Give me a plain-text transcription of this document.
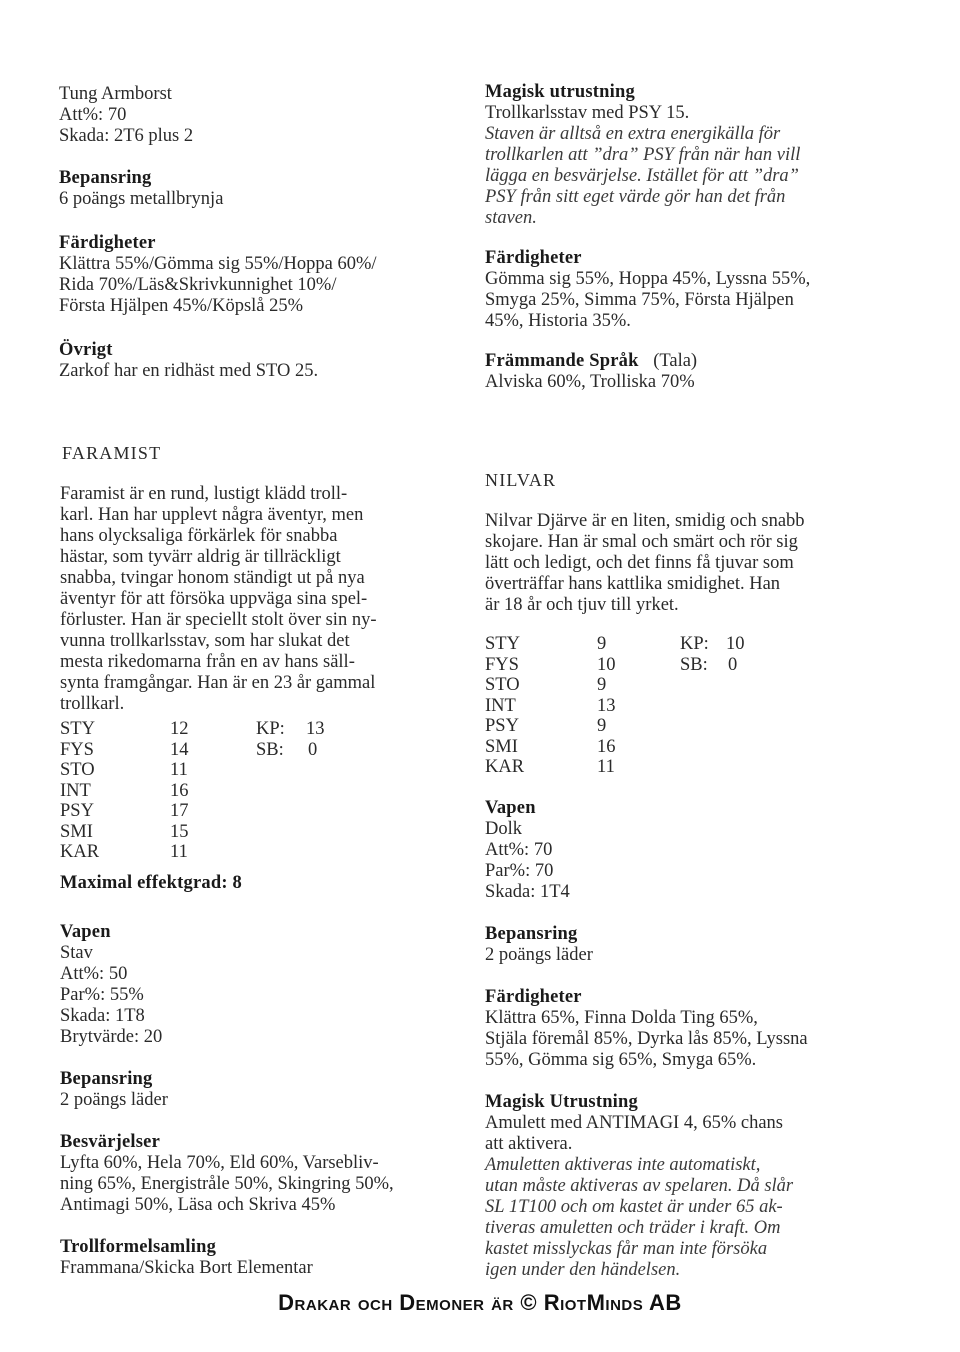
Tung Armborst
Att%: 70
Skada: 2T6 plus 2
Bepansring
6 poängs metallbrynja
Färdigheter
Klättra 55%/Gömma sig 55%/Hoppa 60%/
Rida 70%/Läs&Skrivkunnighet 10%/
Första Hjälpen 45%/Köpslå 25%
Övrigt
Zarkof har en ridhäst med STO 25.
Magisk utrustning
Trollkarlsstav med PSY 15.
Staven är alltså en extra energikälla för
trollkarlen att ”dra” PSY från när han vill
lägga en besvärjelse. Istället för att ”dra”
PSY från sitt eget värde gör han det från
staven.
Färdigheter
Gömma sig 55%, Hoppa 45%, Lyssna 55%,
Smyga 25%, Simma 75%, Första Hjälpen
45%, Historia 35%.
Främmande Språk (Tala)
Alviska 60%, Trolliska 70%
FARAMIST
Faramist är en rund, lustigt klädd troll-
karl. Han har upplevt några äventyr, men
hans olycksaliga förkärlek för snabba
hästar, som tyvärr aldrig är tillräckligt
snabba, tvingar honom ständigt ut på nya
äventyr för att försöka uppväga sina spel-
förluster. Han är speciellt stolt över sin ny-
vunna trollkarlsstav, som har slukat det
mesta rikedomarna från en av hans säll-
synta framgångar. Han är en 23 år gammal
trollkarl.
STY	12	KP: 13
FYS	14	SB: 0
STO	11
INT	16
PSY	17
SMI	15
KAR	11
Maximal effektgrad: 8
Vapen
Stav
Att%: 50
Par%: 55%
Skada: 1T8
Brytvärde: 20
Bepansring
2 poängs läder
Besvärjelser
Lyfta 60%, Hela 70%, Eld 60%, Varsebliv-
ning 65%, Energistråle 50%, Skingring 50%,
Antimagi 50%, Läsa och Skriva 45%
Trollformelsamling
Frammana/Skicka Bort Elementar
NILVAR
Nilvar Djärve är en liten, smidig och snabb
skojare. Han är smal och smärt och rör sig
lätt och ledigt, och det finns få tjuvar som
överträffar hans kattlika smidighet. Han
är 18 år och tjuv till yrket.
STY	9	KP: 10
FYS	10	SB: 0
STO	9
INT	13
PSY	9
SMI	16
KAR	11
Vapen
Dolk
Att%: 70
Par%: 70
Skada: 1T4
Bepansring
2 poängs läder
Färdigheter
Klättra 65%, Finna Dolda Ting 65%,
Stjäla föremål 85%, Dyrka lås 85%, Lyssna
55%, Gömma sig 65%, Smyga 65%.
Magisk Utrustning
Amulett med ANTIMAGI 4, 65% chans
att aktivera.
Amuletten aktiveras inte automatiskt,
utan måste aktiveras av spelaren. Då slår
SL 1T100 och om kastet är under 65 ak-
tiveras amuletten och träder i kraft. Om
kastet misslyckas får man inte försöka
igen under den händelsen.
Drakar och Demoner är © RiotMinds AB
